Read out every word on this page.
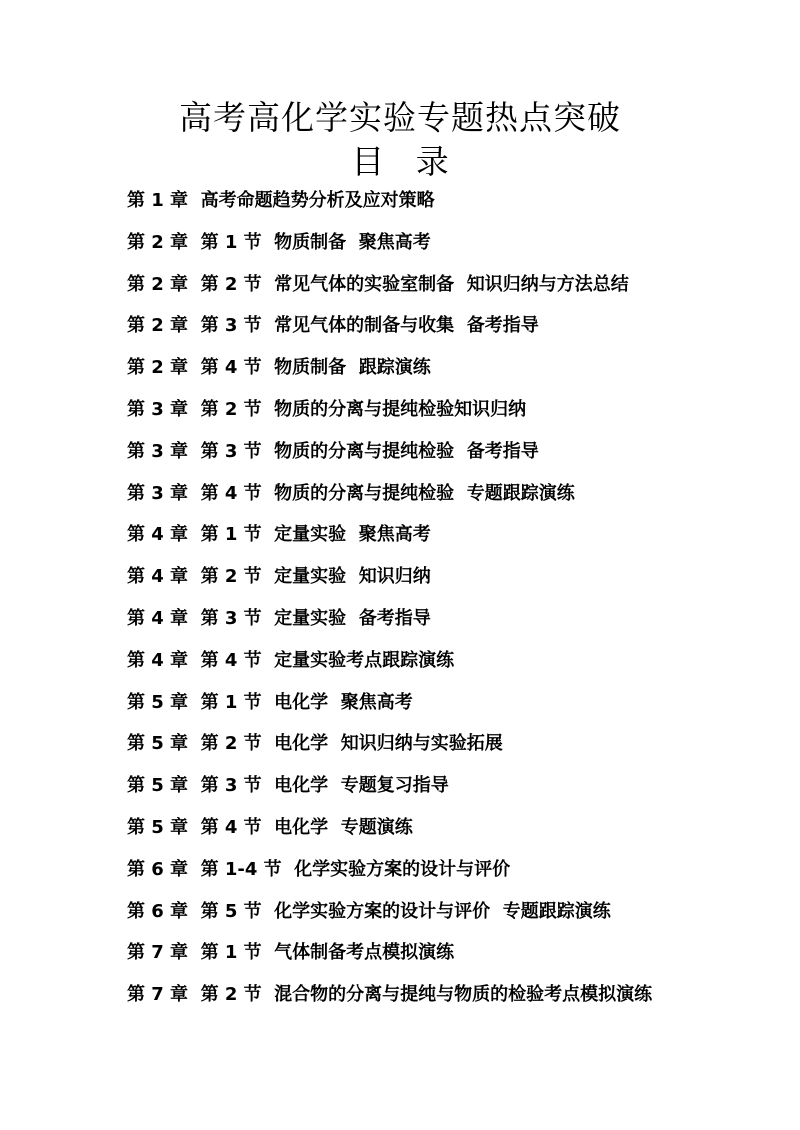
高考高化学实验专题热点突破
目   录
第 1 章  高考命题趋势分析及应对策略
第 2 章  第 1 节  物质制备  聚焦高考
第 2 章  第 2 节  常见气体的实验室制备  知识归纳与方法总结
第 2 章  第 3 节  常见气体的制备与收集  备考指导
第 2 章  第 4 节  物质制备  跟踪演练
第 3 章  第 2 节  物质的分离与提纯检验知识归纳
第 3 章  第 3 节  物质的分离与提纯检验  备考指导
第 3 章  第 4 节  物质的分离与提纯检验  专题跟踪演练
第 4 章  第 1 节  定量实验  聚焦高考
第 4 章  第 2 节  定量实验  知识归纳
第 4 章  第 3 节  定量实验  备考指导
第 4 章  第 4 节  定量实验考点跟踪演练
第 5 章  第 1 节  电化学  聚焦高考
第 5 章  第 2 节  电化学  知识归纳与实验拓展
第 5 章  第 3 节  电化学  专题复习指导
第 5 章  第 4 节  电化学  专题演练
第 6 章  第 1-4 节  化学实验方案的设计与评价
第 6 章  第 5 节  化学实验方案的设计与评价  专题跟踪演练
第 7 章  第 1 节  气体制备考点模拟演练
第 7 章  第 2 节  混合物的分离与提纯与物质的检验考点模拟演练
